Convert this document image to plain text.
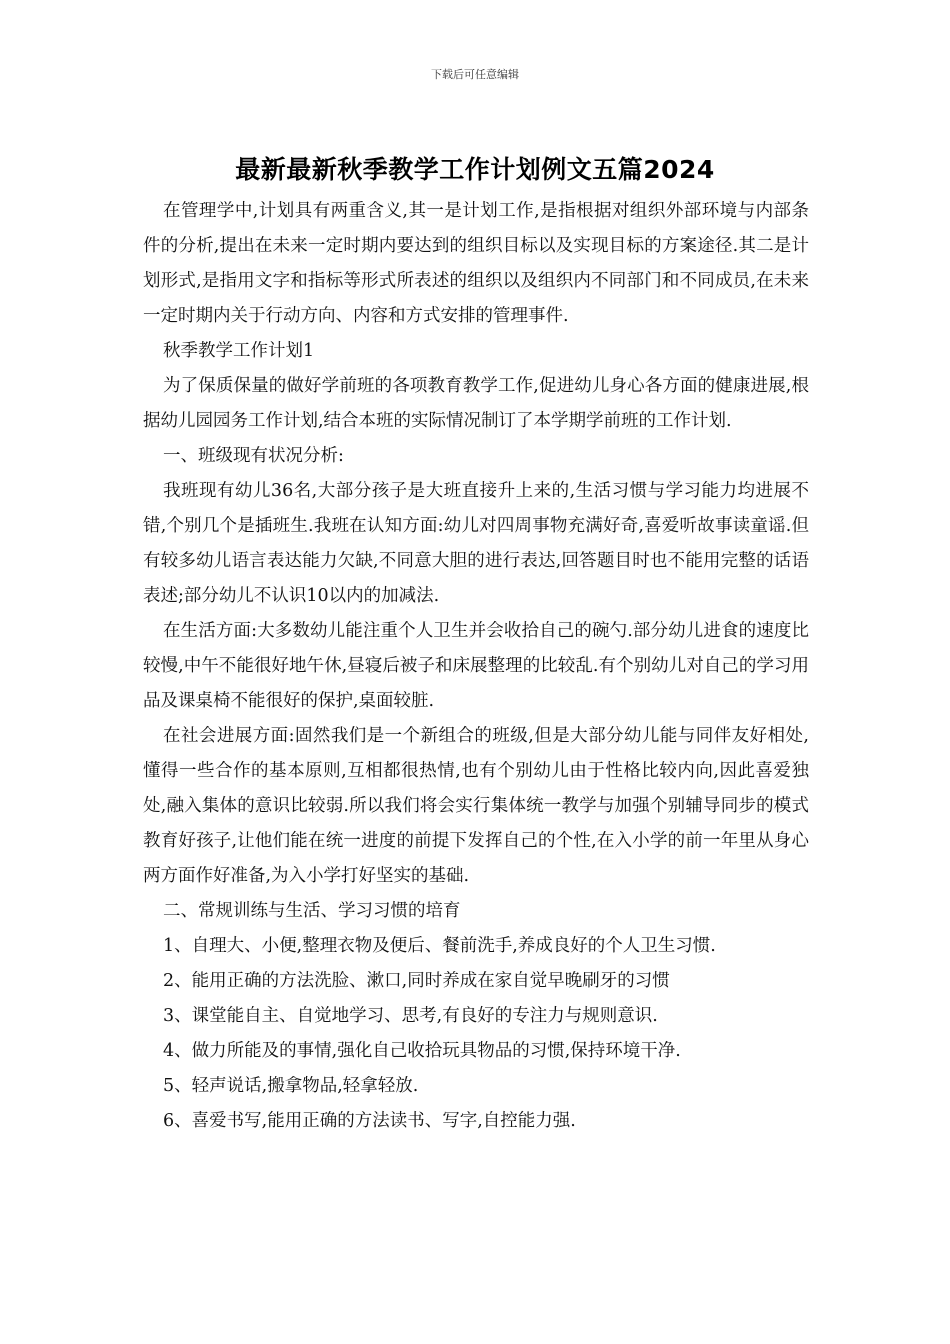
下载后可任意编辑
最新最新秋季教学工作计划例文五篇2024

在管理学中,计划具有两重含义,其一是计划工作,是指根据对组织外部环境与内部条件的分析,提出在未来一定时期内要达到的组织目标以及实现目标的方案途径.其二是计划形式,是指用文字和指标等形式所表述的组织以及组织内不同部门和不同成员,在未来一定时期内关于行动方向、内容和方式安排的管理事件.

秋季教学工作计划1

为了保质保量的做好学前班的各项教育教学工作,促进幼儿身心各方面的健康进展,根据幼儿园园务工作计划,结合本班的实际情况制订了本学期学前班的工作计划.

一、班级现有状况分析:

我班现有幼儿36名,大部分孩子是大班直接升上来的,生活习惯与学习能力均进展不错,个别几个是插班生.我班在认知方面:幼儿对四周事物充满好奇,喜爱听故事读童谣.但有较多幼儿语言表达能力欠缺,不同意大胆的进行表达,回答题目时也不能用完整的话语表述;部分幼儿不认识10以内的加减法.

在生活方面:大多数幼儿能注重个人卫生并会收拾自己的碗勺.部分幼儿进食的速度比较慢,中午不能很好地午休,昼寝后被子和床展整理的比较乱.有个别幼儿对自己的学习用品及课桌椅不能很好的保护,桌面较脏.

在社会进展方面:固然我们是一个新组合的班级,但是大部分幼儿能与同伴友好相处,懂得一些合作的基本原则,互相都很热情,也有个别幼儿由于性格比较内向,因此喜爱独处,融入集体的意识比较弱.所以我们将会实行集体统一教学与加强个别辅导同步的模式教育好孩子,让他们能在统一进度的前提下发挥自己的个性,在入小学的前一年里从身心两方面作好准备,为入小学打好坚实的基础.

二、常规训练与生活、学习习惯的培育

1、自理大、小便,整理衣物及便后、餐前洗手,养成良好的个人卫生习惯.

2、能用正确的方法洗脸、漱口,同时养成在家自觉早晚刷牙的习惯

3、课堂能自主、自觉地学习、思考,有良好的专注力与规则意识.

4、做力所能及的事情,强化自己收拾玩具物品的习惯,保持环境干净.

5、轻声说话,搬拿物品,轻拿轻放.

6、喜爱书写,能用正确的方法读书、写字,自控能力强.
